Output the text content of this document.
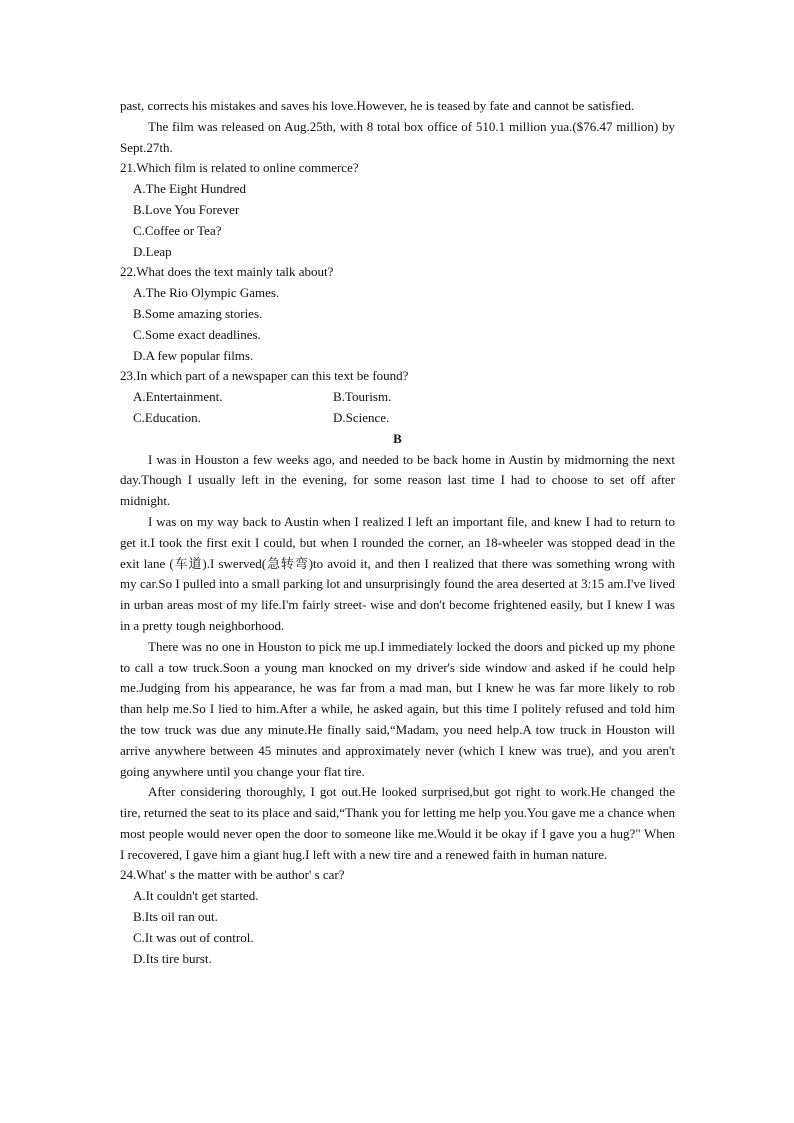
past, corrects his mistakes and saves his love.However, he is teased by fate and cannot be satisfied.

The film was released on Aug.25th, with 8 total box office of 510.1 million yua.($76.47 million) by Sept.27th.

21.Which film is related to online commerce?

A.The Eight Hundred

B.Love You Forever

C.Coffee or Tea?

D.Leap

22.What does the text mainly talk about?

A.The Rio Olympic Games.

B.Some amazing stories.

C.Some exact deadlines.

D.A few popular films.

23.In which part of a newspaper can this text be found?

A.Entertainment.	B.Tourism.
C.Education.	D.Science.

B

I was in Houston a few weeks ago, and needed to be back home in Austin by midmorning the next day.Though I usually left in the evening, for some reason last time I had to choose to set off after midnight.

I was on my way back to Austin when I realized I left an important file, and knew I had to return to get it.I took the first exit I could, but when I rounded the corner, an 18-wheeler was stopped dead in the exit lane (车道).I swerved(急转弯)to avoid it, and then I realized that there was something wrong with my car.So I pulled into a small parking lot and unsurprisingly found the area deserted at 3:15 am.I've lived in urban areas most of my life.I'm fairly street- wise and don't become frightened easily, but I knew I was in a pretty tough neighborhood.

There was no one in Houston to pick me up.I immediately locked the doors and picked up my phone to call a tow truck.Soon a young man knocked on my driver's side window and asked if he could help me.Judging from his appearance, he was far from a mad man, but I knew he was far more likely to rob than help me.So I lied to him.After a while, he asked again, but this time I politely refused and told him the tow truck was due any minute.He finally said,“Madam, you need help.A tow truck in Houston will arrive anywhere between 45 minutes and approximately never (which I knew was true), and you aren't going anywhere until you change your flat tire.

After considering thoroughly, I got out.He looked surprised,but got right to work.He changed the tire, returned the seat to its place and said,“Thank you for letting me help you.You gave me a chance when most people would never open the door to someone like me.Would it be okay if I gave you a hug?" When I recovered, I gave him a giant hug.I left with a new tire and a renewed faith in human nature.

24.What' s the matter with be author' s car?

A.It couldn't get started.

B.Its oil ran out.

C.It was out of control.

D.Its tire burst.
